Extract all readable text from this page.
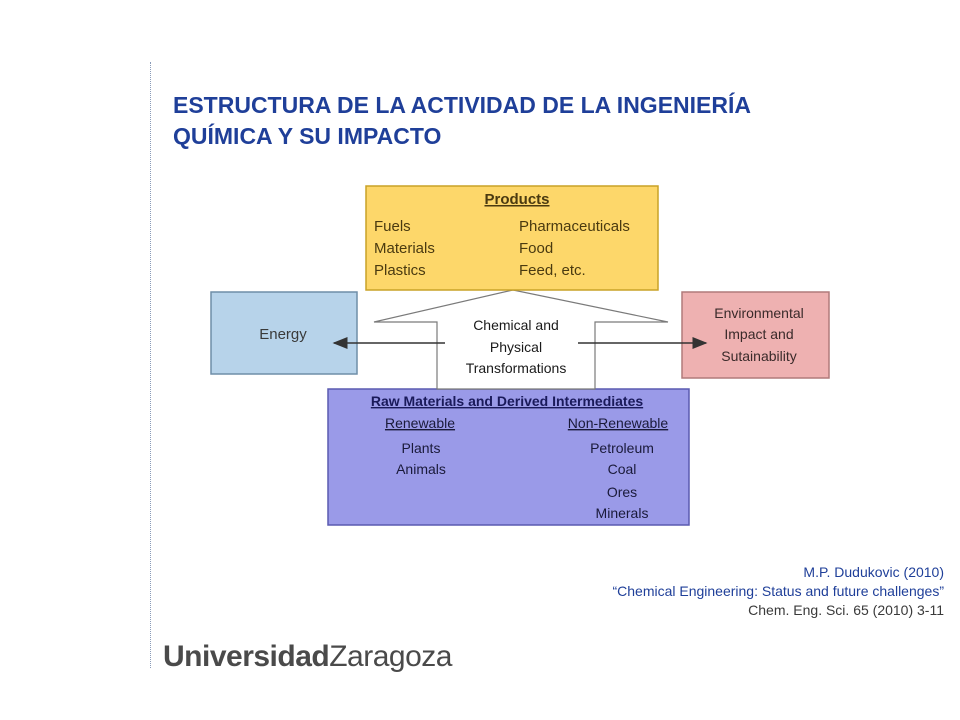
ESTRUCTURA DE LA ACTIVIDAD DE LA INGENIERÍA
QUÍMICA Y SU IMPACTO
Raw Materials and Derived Intermediates
Renewable
Plants
Animals
Non-Renewable
Petroleum
Coal
Ores
Minerals
Products
Fuels
Materials
Plastics
Pharmaceuticals
Food
Feed, etc.
Energy
Environmental
Impact and
Sutainability
Chemical and
Physical
Transformations
M.P. Dudukovic (2010)
“Chemical Engineering: Status and future challenges”
Chem. Eng. Sci. 65 (2010) 3-11
UniversidadZaragoza
